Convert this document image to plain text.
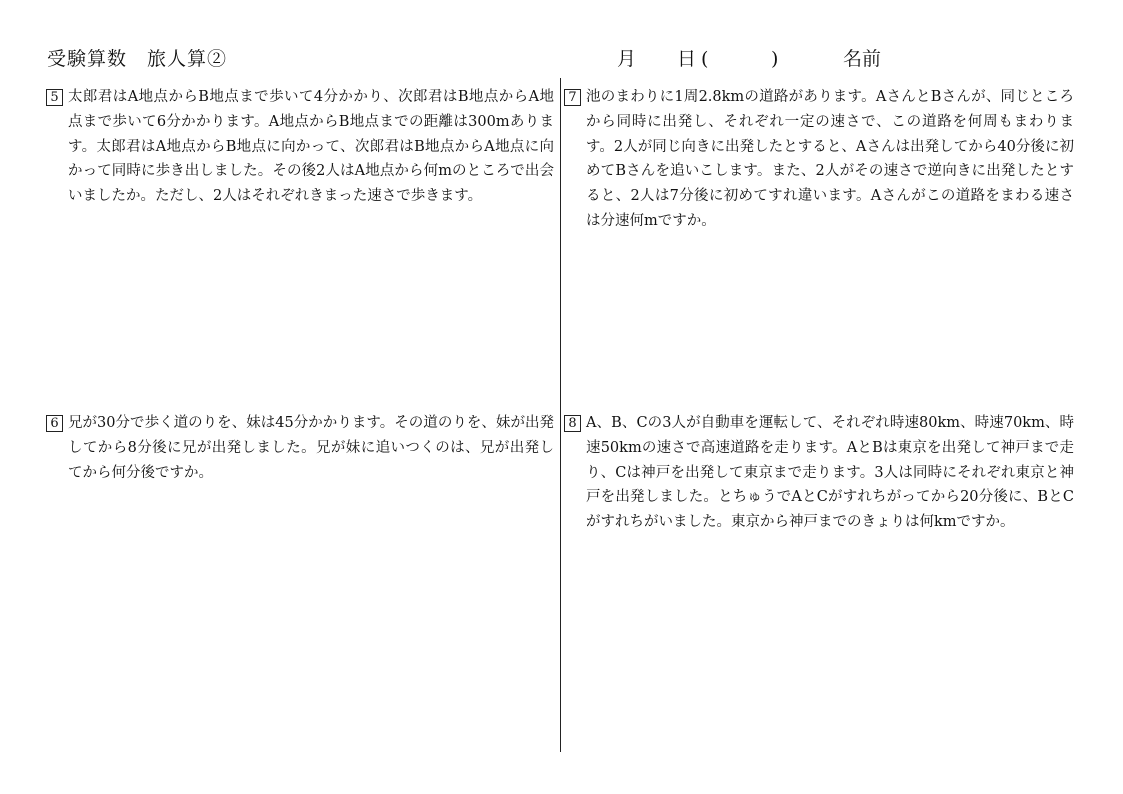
受験算数 旅人算②	月 日 (	)	名前
5 太郎君はA地点からB地点まで歩いて4分かかり、次郎君はB地点からA地点まで歩いて6分かかります。A地点からB地点までの距離は300mあります。太郎君はA地点からB地点に向かって、次郎君はB地点からA地点に向かって同時に歩き出しました。その後2人はA地点から何mのところで出会いましたか。ただし、2人はそれぞれきまった速さで歩きます。
7 池のまわりに1周2.8kmの道路があります。AさんとBさんが、同じところから同時に出発し、それぞれ一定の速さで、この道路を何周もまわります。2人が同じ向きに出発したとすると、Aさんは出発してから40分後に初めてBさんを追いこします。また、2人がその速さで逆向きに出発したとすると、2人は7分後に初めてすれ違います。Aさんがこの道路をまわる速さは分速何mですか。
6 兄が30分で歩く道のりを、妹は45分かかります。その道のりを、妹が出発してから8分後に兄が出発しました。兄が妹に追いつくのは、兄が出発してから何分後ですか。
8 A、B、Cの3人が自動車を運転して、それぞれ時速80km、時速70km、時速50kmの速さで高速道路を走ります。AとBは東京を出発して神戸まで走り、Cは神戸を出発して東京まで走ります。3人は同時にそれぞれ東京と神戸を出発しました。とちゅうでAとCがすれちがってから20分後に、BとCがすれちがいました。東京から神戸までのきょりは何kmですか。
